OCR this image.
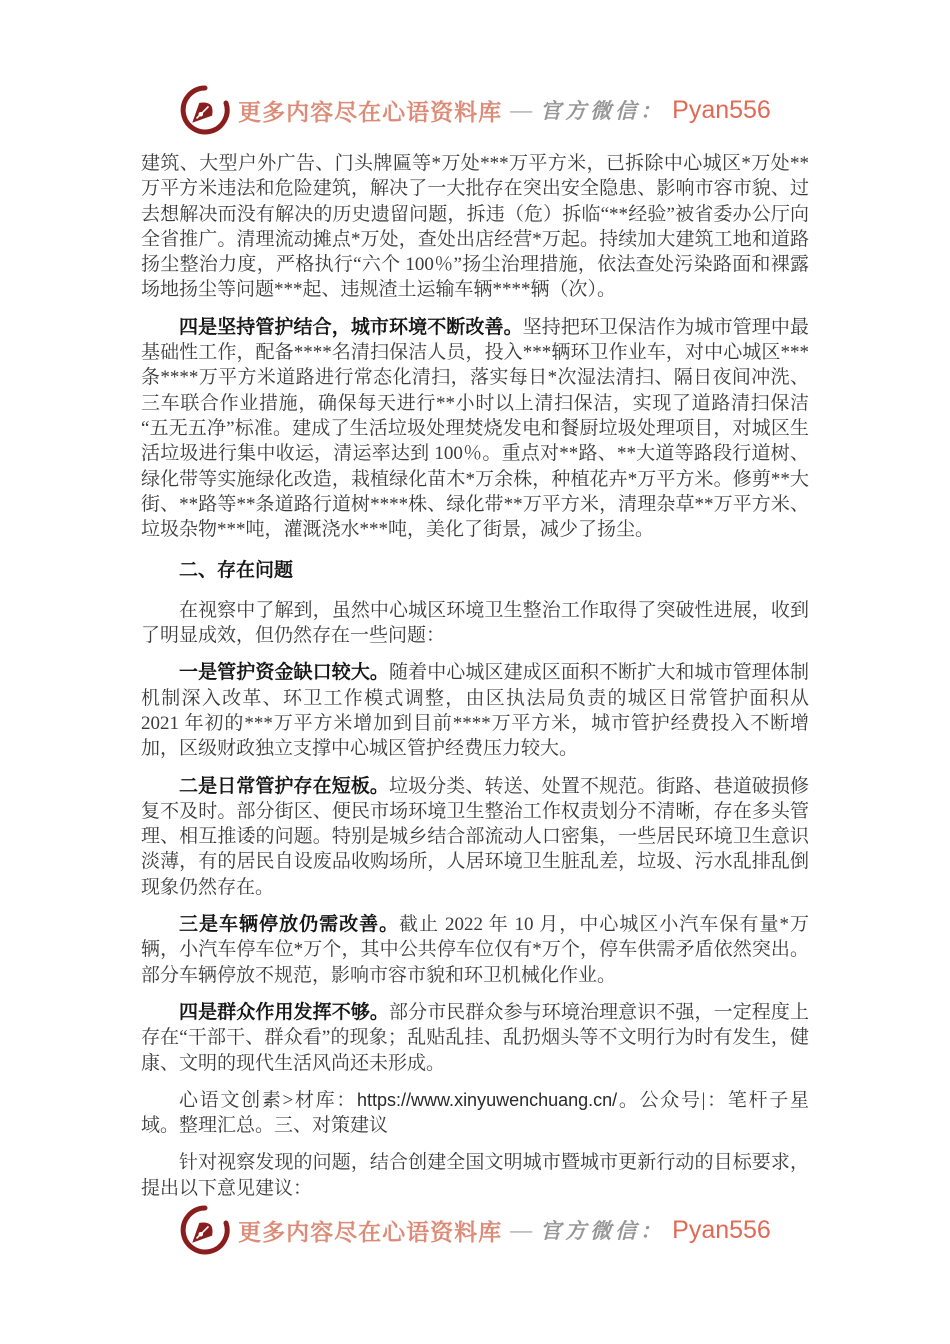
更多内容尽在心语资料库 — 官方微信： Pyan556

建筑、大型户外广告、门头牌匾等*万处***万平方米，已拆除中心城区*万处**万平方米违法和危险建筑，解决了一大批存在突出安全隐患、影响市容市貌、过去想解决而没有解决的历史遗留问题，拆违（危）拆临“**经验”被省委办公厅向全省推广。清理流动摊点*万处，查处出店经营*万起。持续加大建筑工地和道路扬尘整治力度，严格执行“六个 100％”扬尘治理措施，依法查处污染路面和裸露场地扬尘等问题***起、违规渣土运输车辆****辆（次）。

四是坚持管护结合，城市环境不断改善。坚持把环卫保洁作为城市管理中最基础性工作，配备****名清扫保洁人员，投入***辆环卫作业车，对中心城区***条****万平方米道路进行常态化清扫，落实每日*次湿法清扫、隔日夜间冲洗、三车联合作业措施，确保每天进行**小时以上清扫保洁，实现了道路清扫保洁“五无五净”标准。建成了生活垃圾处理焚烧发电和餐厨垃圾处理项目，对城区生活垃圾进行集中收运，清运率达到 100％。重点对**路、**大道等路段行道树、绿化带等实施绿化改造，栽植绿化苗木*万余株，种植花卉*万平方米。修剪**大街、**路等**条道路行道树****株、绿化带**万平方米，清理杂草**万平方米、垃圾杂物***吨，灌溉浇水***吨，美化了街景，减少了扬尘。

二、存在问题

在视察中了解到，虽然中心城区环境卫生整治工作取得了突破性进展，收到了明显成效，但仍然存在一些问题：

一是管护资金缺口较大。随着中心城区建成区面积不断扩大和城市管理体制机制深入改革、环卫工作模式调整，由区执法局负责的城区日常管护面积从 2021 年初的***万平方米增加到目前****万平方米，城市管护经费投入不断增加，区级财政独立支撑中心城区管护经费压力较大。

二是日常管护存在短板。垃圾分类、转送、处置不规范。街路、巷道破损修复不及时。部分街区、便民市场环境卫生整治工作权责划分不清晰，存在多头管理、相互推诿的问题。特别是城乡结合部流动人口密集，一些居民环境卫生意识淡薄，有的居民自设废品收购场所，人居环境卫生脏乱差，垃圾、污水乱排乱倒现象仍然存在。

三是车辆停放仍需改善。截止 2022 年 10 月，中心城区小汽车保有量*万辆，小汽车停车位*万个，其中公共停车位仅有*万个，停车供需矛盾依然突出。部分车辆停放不规范，影响市容市貌和环卫机械化作业。

四是群众作用发挥不够。部分市民群众参与环境治理意识不强，一定程度上存在“干部干、群众看”的现象；乱贴乱挂、乱扔烟头等不文明行为时有发生，健康、文明的现代生活风尚还未形成。

心语文创素>材库：https://www.xinyuwenchuang.cn/。公众号|：笔杆子星域。整理汇总。三、对策建议

针对视察发现的问题，结合创建全国文明城市暨城市更新行动的目标要求，提出以下意见建议：

更多内容尽在心语资料库 — 官方微信： Pyan556
